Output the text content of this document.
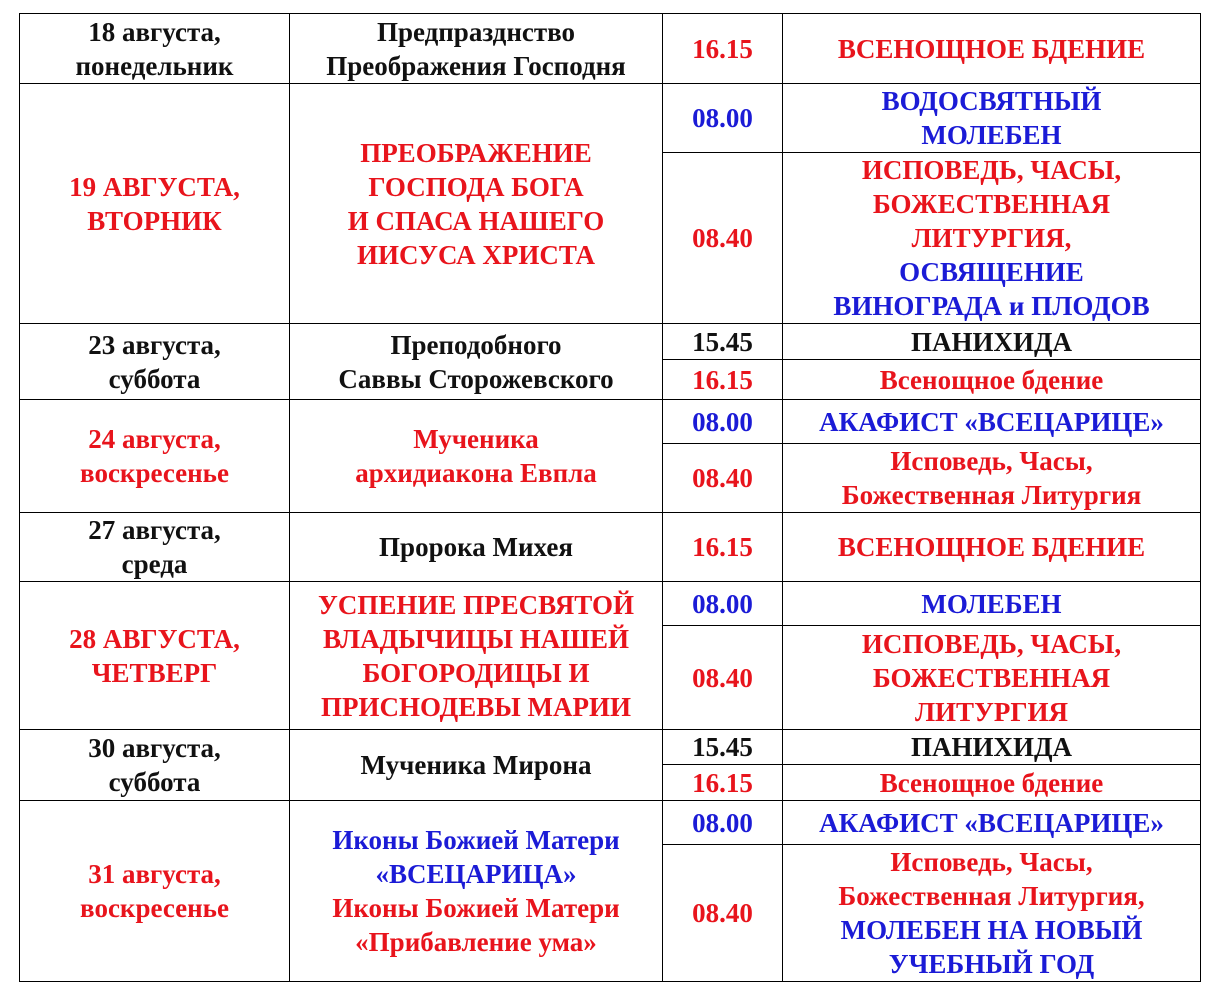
18 августа,
понедельник	Предпразднство
Преображения Господня	16.15	ВСЕНОЩНОЕ БДЕНИЕ

19 АВГУСТА,
ВТОРНИК	ПРЕОБРАЖЕНИЕ
ГОСПОДА БОГА
И СПАСА НАШЕГО
ИИСУСА ХРИСТА	08.00	ВОДОСВЯТНЫЙ
МОЛЕБЕН

		08.40	ИСПОВЕДЬ, ЧАСЫ,
БОЖЕСТВЕННАЯ
ЛИТУРГИЯ,
ОСВЯЩЕНИЕ
ВИНОГРАДА и ПЛОДОВ

23 августа,
суббота	Преподобного
Саввы Сторожевского	15.45	ПАНИХИДА

		16.15	Всенощное бдение

24 августа,
воскресенье	Мученика
архидиакона Евпла	08.00	АКАФИСТ «ВСЕЦАРИЦЕ»

		08.40	Исповедь, Часы,
Божественная Литургия

27 августа,
среда	Пророка Михея	16.15	ВСЕНОЩНОЕ БДЕНИЕ

28 АВГУСТА,
ЧЕТВЕРГ	УСПЕНИЕ ПРЕСВЯТОЙ
ВЛАДЫЧИЦЫ НАШЕЙ
БОГОРОДИЦЫ И
ПРИСНОДЕВЫ МАРИИ	08.00	МОЛЕБЕН

		08.40	ИСПОВЕДЬ, ЧАСЫ,
БОЖЕСТВЕННАЯ
ЛИТУРГИЯ

30 августа,
суббота	Мученика Мирона	15.45	ПАНИХИДА

		16.15	Всенощное бдение

31 августа,
воскресенье	Иконы Божией Матери
«ВСЕЦАРИЦА»
Иконы Божией Матери
«Прибавление ума»	08.00	АКАФИСТ «ВСЕЦАРИЦЕ»

		08.40	Исповедь, Часы,
Божественная Литургия,
МОЛЕБЕН НА НОВЫЙ
УЧЕБНЫЙ ГОД
